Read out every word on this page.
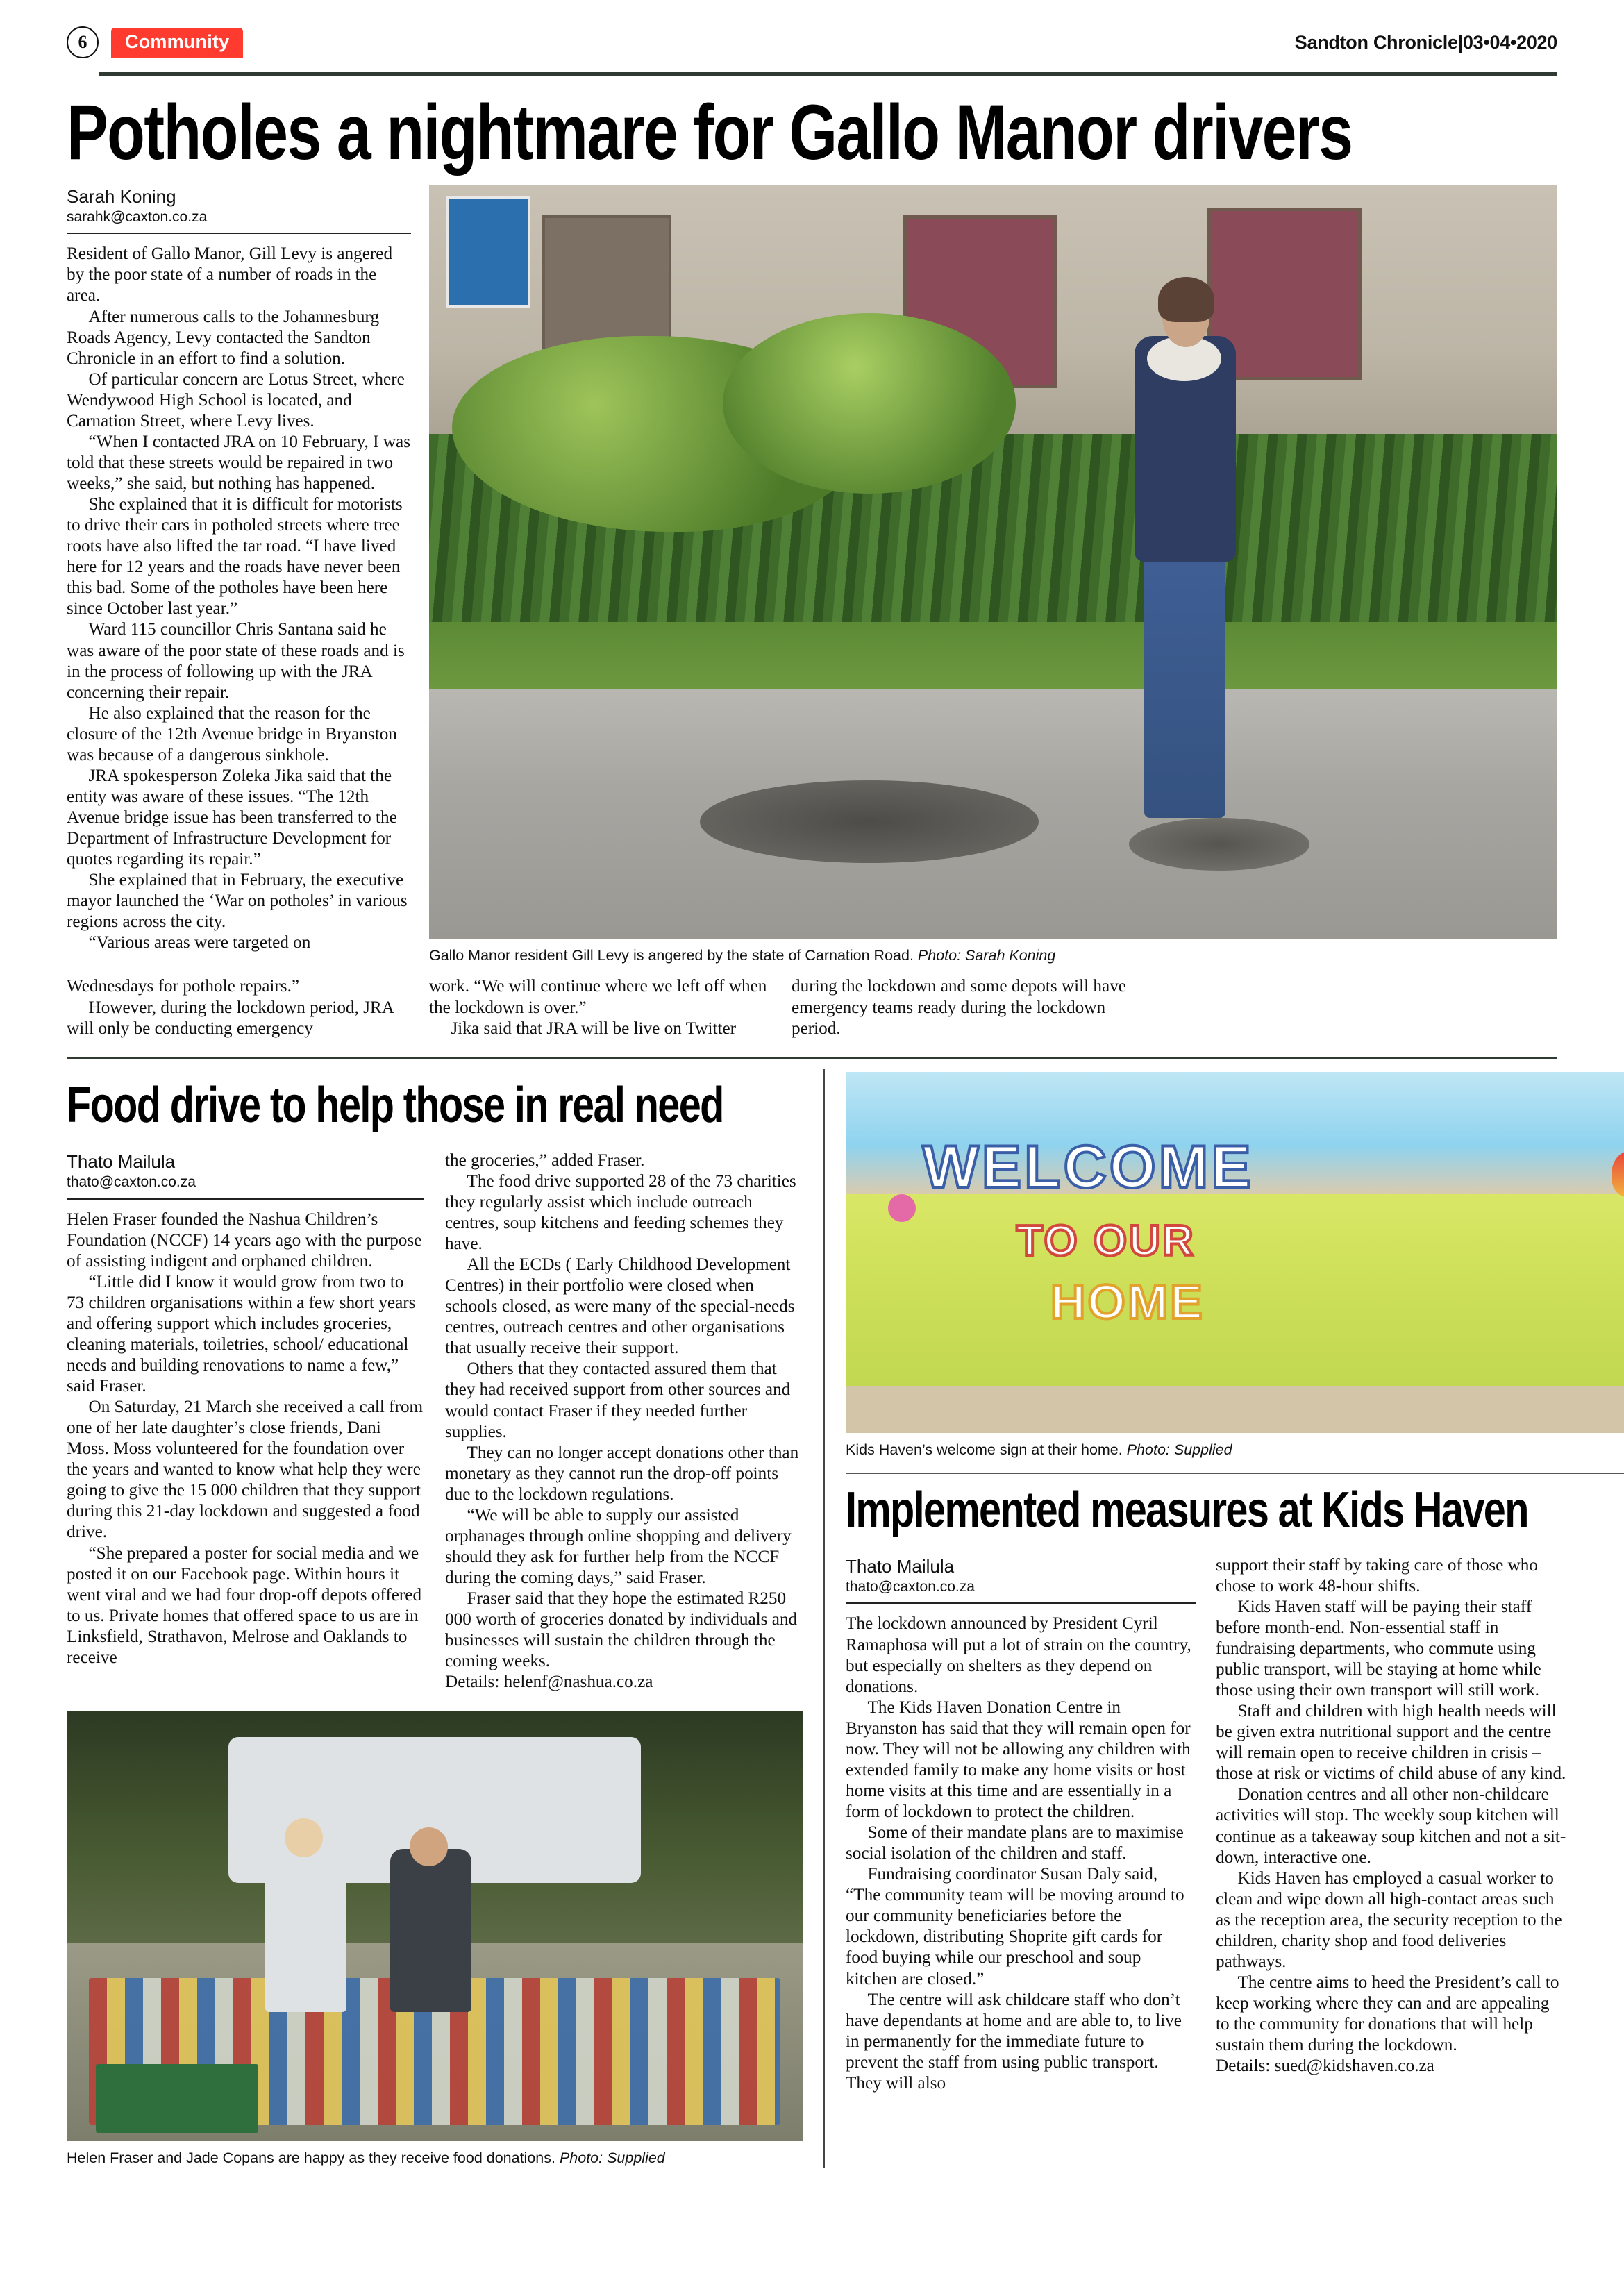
6	Community	Sandton Chronicle|03•04•2020
Potholes a nightmare for Gallo Manor drivers
Sarah Koning
sarahk@caxton.co.za

Resident of Gallo Manor, Gill Levy is angered by the poor state of a number of roads in the area.

After numerous calls to the Johannesburg Roads Agency, Levy contacted the Sandton Chronicle in an effort to find a solution.

Of particular concern are Lotus Street, where Wendywood High School is located, and Carnation Street, where Levy lives.

“When I contacted JRA on 10 February, I was told that these streets would be repaired in two weeks,” she said, but nothing has happened.

She explained that it is difficult for motorists to drive their cars in potholed streets where tree roots have also lifted the tar road. “I have lived here for 12 years and the roads have never been this bad. Some of the potholes have been here since October last year.”

Ward 115 councillor Chris Santana said he was aware of the poor state of these roads and is in the process of following up with the JRA concerning their repair.

He also explained that the reason for the closure of the 12th Avenue bridge in Bryanston was because of a dangerous sinkhole.

JRA spokesperson Zoleka Jika said that the entity was aware of these issues. “The 12th Avenue bridge issue has been transferred to the Department of Infrastructure Development for quotes regarding its repair.”

She explained that in February, the executive mayor launched the ‘War on potholes’ in various regions across the city.

“Various areas were targeted on

Gallo Manor resident Gill Levy is angered by the state of Carnation Road. Photo: Sarah Koning

Wednesdays for pothole repairs.”

However, during the lockdown period, JRA will only be conducting emergency

work. “We will continue where we left off when the lockdown is over.”

Jika said that JRA will be live on Twitter

during the lockdown and some depots will have emergency teams ready during the lockdown period.

Food drive to help those in real need
Thato Mailula
thato@caxton.co.za

Helen Fraser founded the Nashua Children’s Foundation (NCCF) 14 years ago with the purpose of assisting indigent and orphaned children.

“Little did I know it would grow from two to 73 children organisations within a few short years and offering support which includes groceries, cleaning materials, toiletries, school/ educational needs and building renovations to name a few,” said Fraser.

On Saturday, 21 March she received a call from one of her late daughter’s close friends, Dani Moss. Moss volunteered for the foundation over the years and wanted to know what help they were going to give the 15 000 children that they support during this 21-day lockdown and suggested a food drive.

“She prepared a poster for social media and we posted it on our Facebook page. Within hours it went viral and we had four drop-off depots offered to us. Private homes that offered space to us are in Linksfield, Strathavon, Melrose and Oaklands to receive

the groceries,” added Fraser.

The food drive supported 28 of the 73 charities they regularly assist which include outreach centres, soup kitchens and feeding schemes they have.

All the ECDs ( Early Childhood Development Centres) in their portfolio were closed when schools closed, as were many of the special-needs centres, outreach centres and other organisations that usually receive their support.

Others that they contacted assured them that they had received support from other sources and would contact Fraser if they needed further supplies.

They can no longer accept donations other than monetary as they cannot run the drop-off points due to the lockdown regulations.

“We will be able to supply our assisted orphanages through online shopping and delivery should they ask for further help from the NCCF during the coming days,” said Fraser.

Fraser said that they hope the estimated R250 000 worth of groceries donated by individuals and businesses will sustain the children through the coming weeks.

Details: helenf@nashua.co.za

Helen Fraser and Jade Copans are happy as they receive food donations. Photo: Supplied
WELCOME
TO OUR
HOME
Kids Haven’s welcome sign at their home. Photo: Supplied
Implemented measures at Kids Haven
Thato Mailula
thato@caxton.co.za

The lockdown announced by President Cyril Ramaphosa will put a lot of strain on the country, but especially on shelters as they depend on donations.

The Kids Haven Donation Centre in Bryanston has said that they will remain open for now. They will not be allowing any children with extended family to make any home visits or host home visits at this time and are essentially in a form of lockdown to protect the children.

Some of their mandate plans are to maximise social isolation of the children and staff.

Fundraising coordinator Susan Daly said, “The community team will be moving around to our community beneficiaries before the lockdown, distributing Shoprite gift cards for food buying while our preschool and soup kitchen are closed.”

The centre will ask childcare staff who don’t have dependants at home and are able to, to live in permanently for the immediate future to prevent the staff from using public transport. They will also

support their staff by taking care of those who chose to work 48-hour shifts.

Kids Haven staff will be paying their staff before month-end. Non-essential staff in fundraising departments, who commute using public transport, will be staying at home while those using their own transport will still work.

Staff and children with high health needs will be given extra nutritional support and the centre will remain open to receive children in crisis – those at risk or victims of child abuse of any kind.

Donation centres and all other non-childcare activities will stop. The weekly soup kitchen will continue as a takeaway soup kitchen and not a sit-down, interactive one.

Kids Haven has employed a casual worker to clean and wipe down all high-contact areas such as the reception area, the security reception to the children, charity shop and food deliveries pathways.

The centre aims to heed the President’s call to keep working where they can and are appealing to the community for donations that will help sustain them during the lockdown.

Details: sued@kidshaven.co.za
